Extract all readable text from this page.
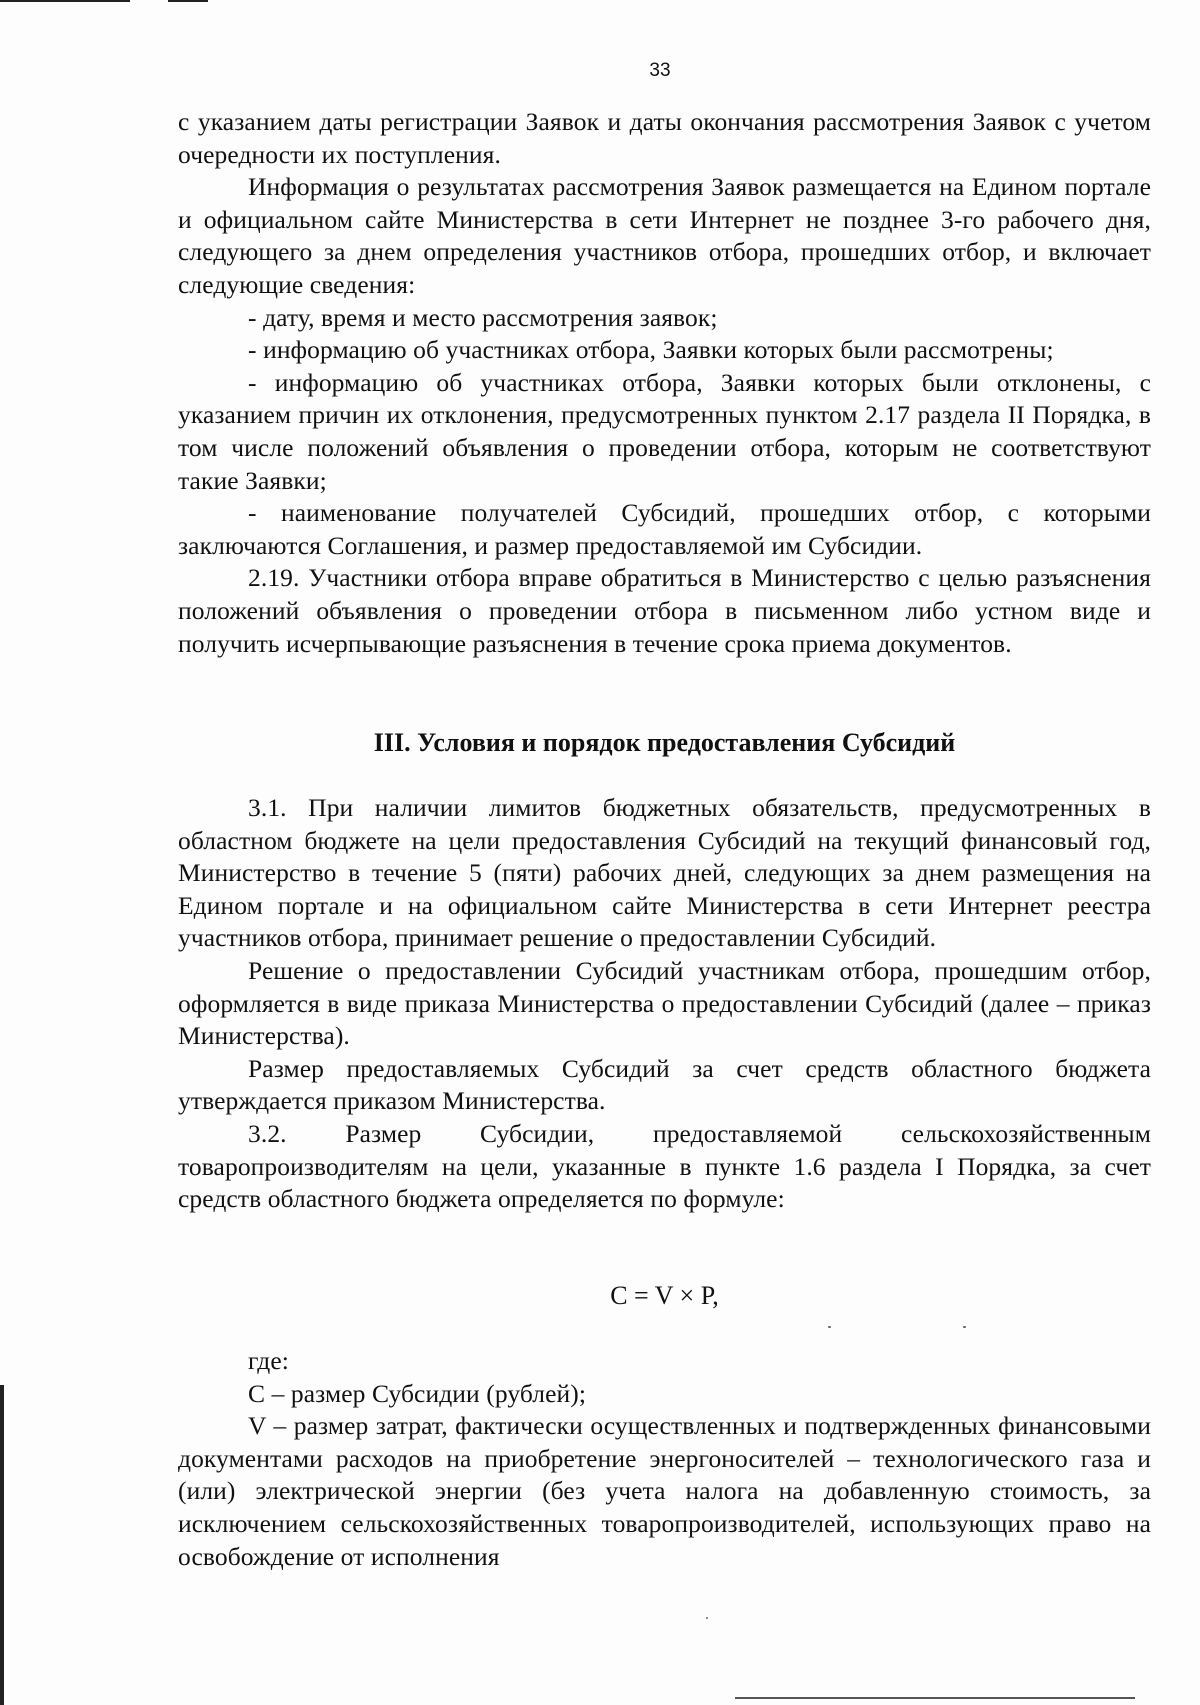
33

с указанием даты регистрации Заявок и даты окончания рассмотрения Заявок с учетом очередности их поступления.

Информация о результатах рассмотрения Заявок размещается на Едином портале и официальном сайте Министерства в сети Интернет не позднее 3-го рабочего дня, следующего за днем определения участников отбора, прошедших отбор, и включает следующие сведения:

- дату, время и место рассмотрения заявок;

- информацию об участниках отбора, Заявки которых были рассмотрены;

- информацию об участниках отбора, Заявки которых были отклонены, с указанием причин их отклонения, предусмотренных пунктом 2.17 раздела II Порядка, в том числе положений объявления о проведении отбора, которым не соответствуют такие Заявки;

- наименование получателей Субсидий, прошедших отбор, с которыми заключаются Соглашения, и размер предоставляемой им Субсидии.

2.19. Участники отбора вправе обратиться в Министерство с целью разъяснения положений объявления о проведении отбора в письменном либо устном виде и получить исчерпывающие разъяснения в течение срока приема документов.

III. Условия и порядок предоставления Субсидий

3.1. При наличии лимитов бюджетных обязательств, предусмотренных в областном бюджете на цели предоставления Субсидий на текущий финансовый год, Министерство в течение 5 (пяти) рабочих дней, следующих за днем размещения на Едином портале и на официальном сайте Министерства в сети Интернет реестра участников отбора, принимает решение о предоставлении Субсидий.

Решение о предоставлении Субсидий участникам отбора, прошедшим отбор, оформляется в виде приказа Министерства о предоставлении Субсидий (далее – приказ Министерства).

Размер предоставляемых Субсидий за счет средств областного бюджета утверждается приказом Министерства.

3.2. Размер Субсидии, предоставляемой сельскохозяйственным товаропроизводителям на цели, указанные в пункте 1.6 раздела I Порядка, за счет средств областного бюджета определяется по формуле:

C = V × P,

где:

C – размер Субсидии (рублей);

V – размер затрат, фактически осуществленных и подтвержденных финансовыми документами расходов на приобретение энергоносителей – технологического газа и (или) электрической энергии (без учета налога на добавленную стоимость, за исключением сельскохозяйственных товаропроизводителей, использующих право на освобождение от исполнения
